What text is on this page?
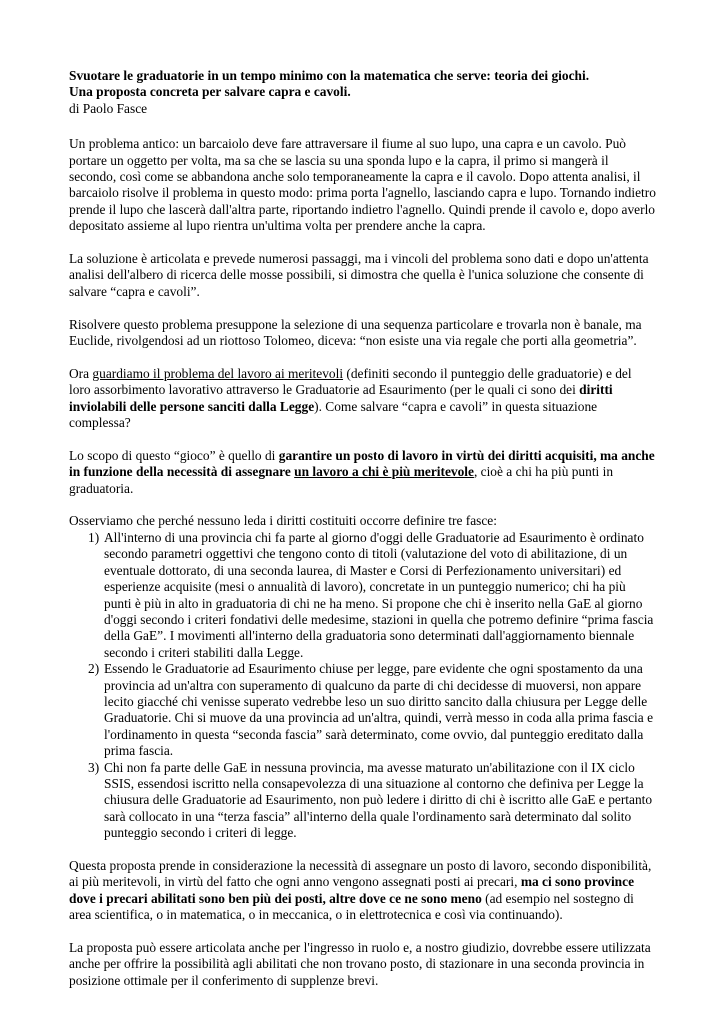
Svuotare le graduatorie in un tempo minimo con la matematica che serve: teoria dei giochi.
Una proposta concreta per salvare capra e cavoli.
di Paolo Fasce

Un problema antico: un barcaiolo deve fare attraversare il fiume al suo lupo, una capra e un cavolo. Può portare un oggetto per volta, ma sa che se lascia su una sponda lupo e la capra, il primo si mangerà il secondo, così come se abbandona anche solo temporaneamente la capra e il cavolo. Dopo attenta analisi, il barcaiolo risolve il problema in questo modo: prima porta l'agnello, lasciando capra e lupo. Tornando indietro prende il lupo che lascerà dall'altra parte, riportando indietro l'agnello. Quindi prende il cavolo e, dopo averlo depositato assieme al lupo rientra un'ultima volta per prendere anche la capra.

La soluzione è articolata e prevede numerosi passaggi, ma i vincoli del problema sono dati e dopo un'attenta analisi dell'albero di ricerca delle mosse possibili, si dimostra che quella è l'unica soluzione che consente di salvare “capra e cavoli”.

Risolvere questo problema presuppone la selezione di una sequenza particolare e trovarla non è banale, ma Euclide, rivolgendosi ad un riottoso Tolomeo, diceva: “non esiste una via regale che porti alla geometria”.

Ora guardiamo il problema del lavoro ai meritevoli (definiti secondo il punteggio delle graduatorie) e del loro assorbimento lavorativo attraverso le Graduatorie ad Esaurimento (per le quali ci sono dei diritti inviolabili delle persone sanciti dalla Legge). Come salvare “capra e cavoli” in questa situazione complessa?

Lo scopo di questo “gioco” è quello di garantire un posto di lavoro in virtù dei diritti acquisiti, ma anche in funzione della necessità di assegnare un lavoro a chi è più meritevole, cioè a chi ha più punti in graduatoria.

Osserviamo che perché nessuno leda i diritti costituiti occorre definire tre fasce:
1) All'interno di una provincia chi fa parte al giorno d'oggi delle Graduatorie ad Esaurimento è ordinato secondo parametri oggettivi che tengono conto di titoli (valutazione del voto di abilitazione, di un eventuale dottorato, di una seconda laurea, di Master e Corsi di Perfezionamento universitari) ed esperienze acquisite (mesi o annualità di lavoro), concretate in un punteggio numerico; chi ha più punti è più in alto in graduatoria di chi ne ha meno. Si propone che chi è inserito nella GaE al giorno d'oggi secondo i criteri fondativi delle medesime, stazioni in quella che potremo definire “prima fascia della GaE”. I movimenti all'interno della graduatoria sono determinati dall'aggiornamento biennale secondo i criteri stabiliti dalla Legge.
2) Essendo le Graduatorie ad Esaurimento chiuse per legge, pare evidente che ogni spostamento da una provincia ad un'altra con superamento di qualcuno da parte di chi decidesse di muoversi, non appare lecito giacché chi venisse superato vedrebbe leso un suo diritto sancito dalla chiusura per Legge delle Graduatorie. Chi si muove da una provincia ad un'altra, quindi, verrà messo in coda alla prima fascia e l'ordinamento in questa “seconda fascia” sarà determinato, come ovvio, dal punteggio ereditato dalla prima fascia.
3) Chi non fa parte delle GaE in nessuna provincia, ma avesse maturato un'abilitazione con il IX ciclo SSIS, essendosi iscritto nella consapevolezza di una situazione al contorno che definiva per Legge la chiusura delle Graduatorie ad Esaurimento, non può ledere i diritto di chi è iscritto alle GaE e pertanto sarà collocato in una “terza fascia” all'interno della quale l'ordinamento sarà determinato dal solito punteggio secondo i criteri di legge.

Questa proposta prende in considerazione la necessità di assegnare un posto di lavoro, secondo disponibilità, ai più meritevoli, in virtù del fatto che ogni anno vengono assegnati posti ai precari, ma ci sono province dove i precari abilitati sono ben più dei posti, altre dove ce ne sono meno (ad esempio nel sostegno di area scientifica, o in matematica, o in meccanica, o in elettrotecnica e così via continuando).

La proposta può essere articolata anche per l'ingresso in ruolo e, a nostro giudizio, dovrebbe essere utilizzata anche per offrire la possibilità agli abilitati che non trovano posto, di stazionare in una seconda provincia in posizione ottimale per il conferimento di supplenze brevi.
